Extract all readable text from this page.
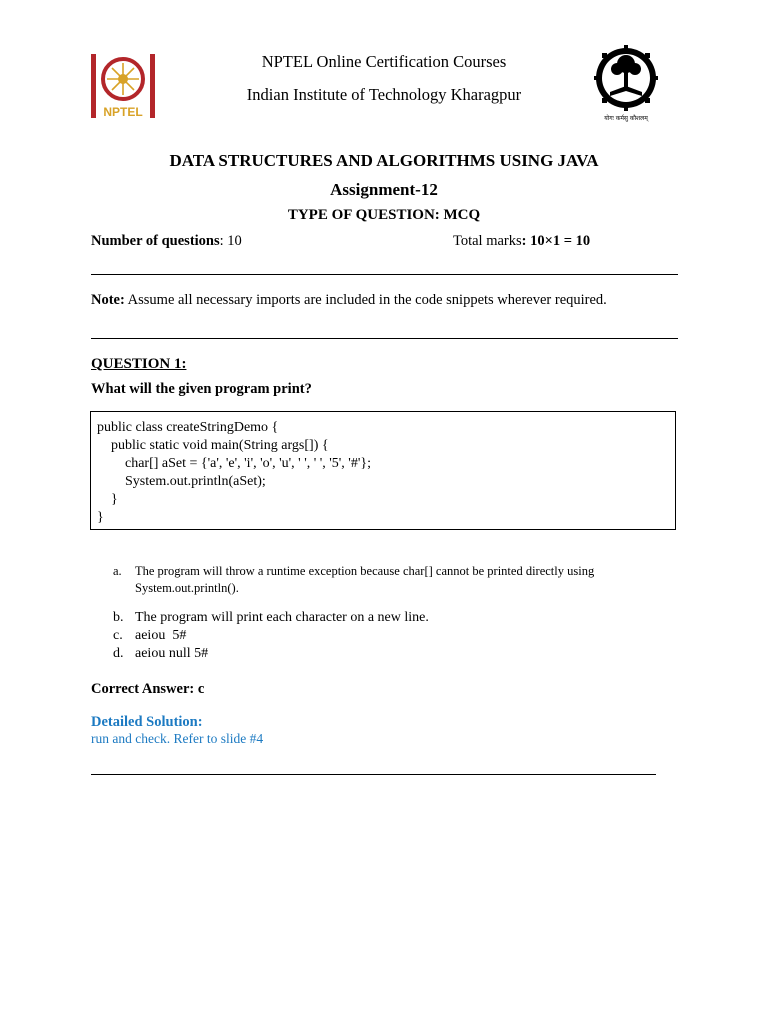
NPTEL
NPTEL Online Certification Courses
Indian Institute of Technology Kharagpur
योगः कर्मसु कौशलम्
DATA STRUCTURES AND ALGORITHMS USING JAVA
Assignment-12
TYPE OF QUESTION: MCQ
Number of questions: 10	Total marks: 10×1 = 10
Note: Assume all necessary imports are included in the code snippets wherever required.
QUESTION 1:
What will the given program print?
public class createStringDemo {
public static void main(String args[]) {
char[] aSet = {'a', 'e', 'i', 'o', 'u', ' ', ' ', '5', '#'};
System.out.println(aSet);
}
}
a. The program will throw a runtime exception because char[] cannot be printed directly using
System.out.println().
b. The program will print each character on a new line.
c. aeiou  5#
d. aeiou null 5#
Correct Answer: c
Detailed Solution:
run and check. Refer to slide #4
